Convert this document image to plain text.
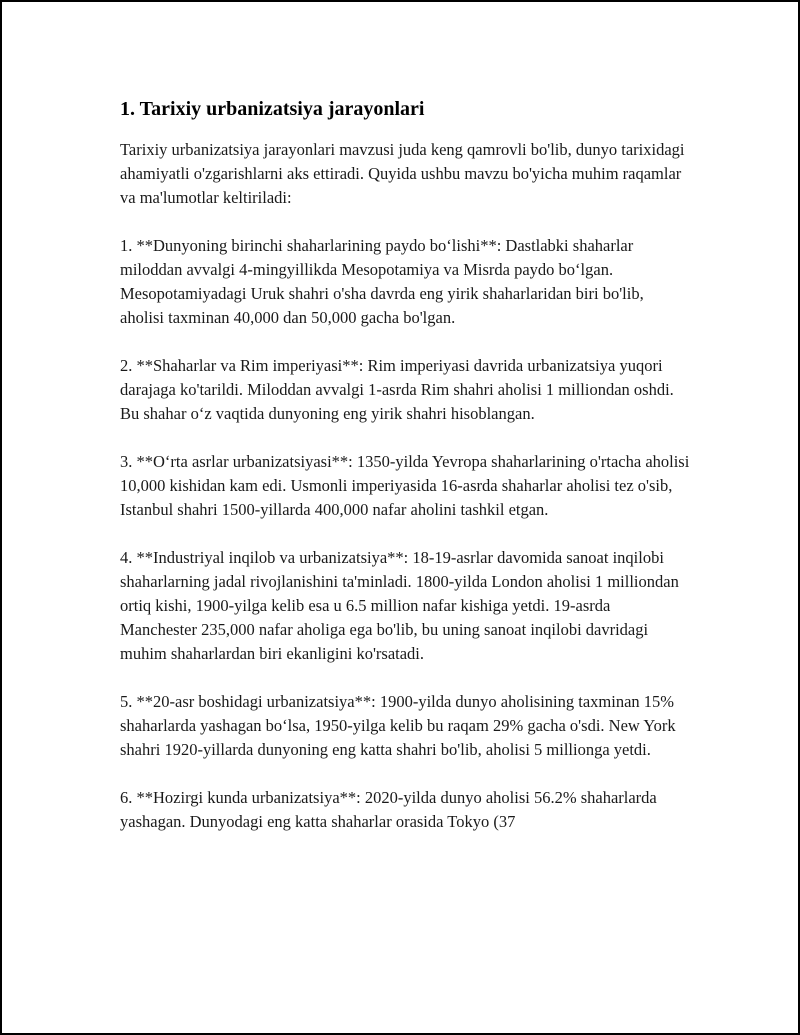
1. Tarixiy urbanizatsiya jarayonlari

Tarixiy urbanizatsiya jarayonlari mavzusi juda keng qamrovli bo'lib, dunyo tarixidagi ahamiyatli o'zgarishlarni aks ettiradi. Quyida ushbu mavzu bo'yicha muhim raqamlar va ma'lumotlar keltiriladi:

1. **Dunyoning birinchi shaharlarining paydo bo‘lishi**: Dastlabki shaharlar miloddan avvalgi 4-mingyillikda Mesopotamiya va Misrda paydo bo‘lgan. Mesopotamiyadagi Uruk shahri o'sha davrda eng yirik shaharlaridan biri bo'lib, aholisi taxminan 40,000 dan 50,000 gacha bo'lgan.

2. **Shaharlar va Rim imperiyasi**: Rim imperiyasi davrida urbanizatsiya yuqori darajaga ko'tarildi. Miloddan avvalgi 1-asrda Rim shahri aholisi 1 milliondan oshdi. Bu shahar o‘z vaqtida dunyoning eng yirik shahri hisoblangan.

3. **O‘rta asrlar urbanizatsiyasi**: 1350-yilda Yevropa shaharlarining o'rtacha aholisi 10,000 kishidan kam edi. Usmonli imperiyasida 16-asrda shaharlar aholisi tez o'sib, Istanbul shahri 1500-yillarda 400,000 nafar aholini tashkil etgan.

4. **Industriyal inqilob va urbanizatsiya**: 18-19-asrlar davomida sanoat inqilobi shaharlarning jadal rivojlanishini ta'minladi. 1800-yilda London aholisi 1 milliondan ortiq kishi, 1900-yilga kelib esa u 6.5 million nafar kishiga yetdi. 19-asrda Manchester 235,000 nafar aholiga ega bo'lib, bu uning sanoat inqilobi davridagi muhim shaharlardan biri ekanligini ko'rsatadi.

5. **20-asr boshidagi urbanizatsiya**: 1900-yilda dunyo aholisining taxminan 15% shaharlarda yashagan bo‘lsa, 1950-yilga kelib bu raqam 29% gacha o'sdi. New York shahri 1920-yillarda dunyoning eng katta shahri bo'lib, aholisi 5 millionga yetdi.

6. **Hozirgi kunda urbanizatsiya**: 2020-yilda dunyo aholisi 56.2% shaharlarda yashagan. Dunyodagi eng katta shaharlar orasida Tokyo (37
